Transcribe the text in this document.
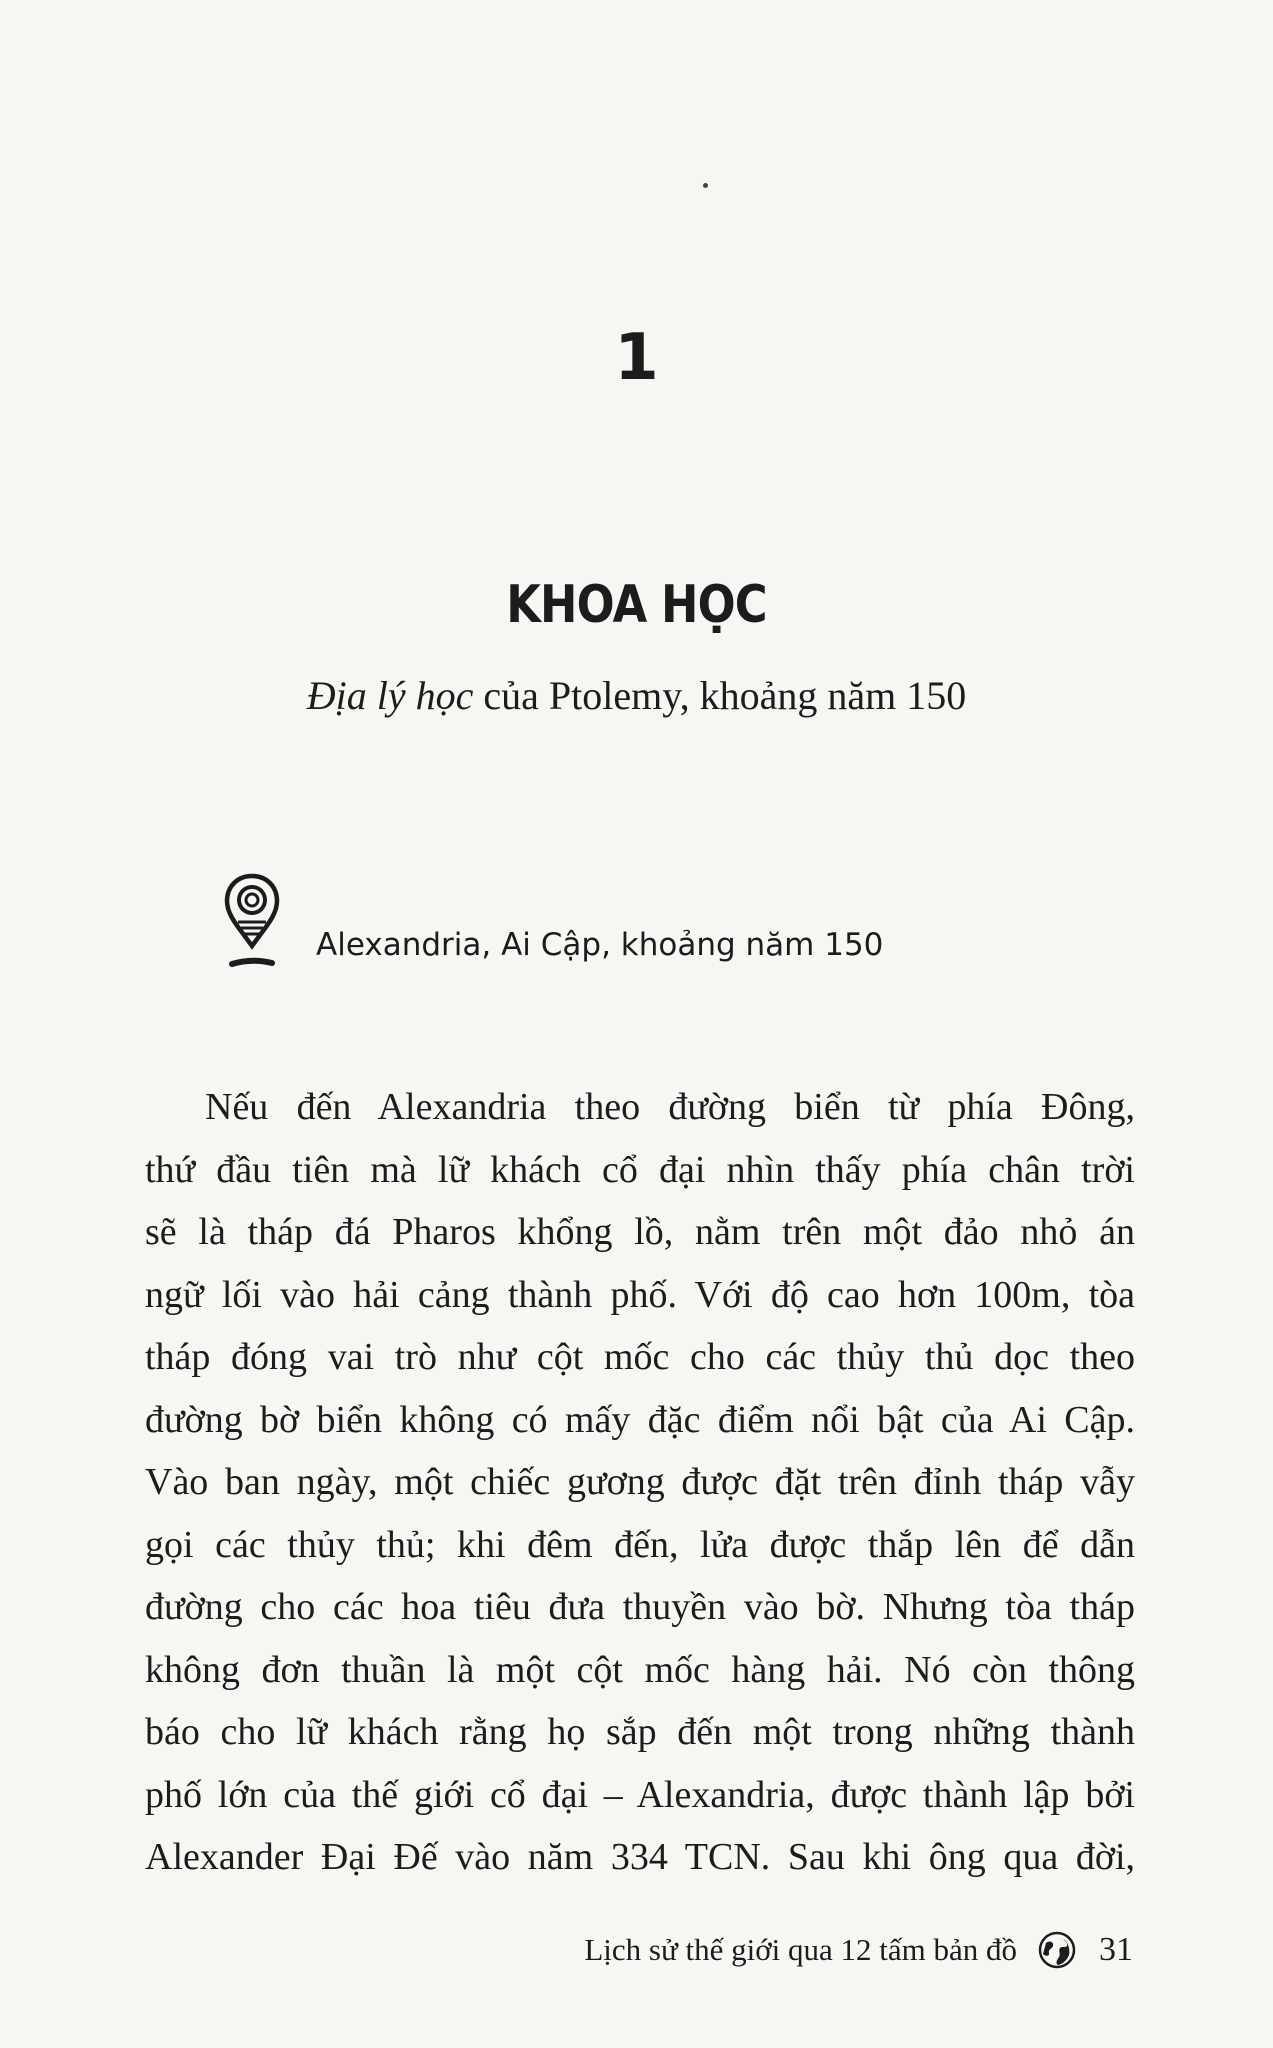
1
KHOA HỌC
Địa lý học của Ptolemy, khoảng năm 150
Alexandria, Ai Cập, khoảng năm 150
Nếu đến Alexandria theo đường biển từ phía Đông,
thứ đầu tiên mà lữ khách cổ đại nhìn thấy phía chân trời
sẽ là tháp đá Pharos khổng lồ, nằm trên một đảo nhỏ án
ngữ lối vào hải cảng thành phố. Với độ cao hơn 100m, tòa
tháp đóng vai trò như cột mốc cho các thủy thủ dọc theo
đường bờ biển không có mấy đặc điểm nổi bật của Ai Cập.
Vào ban ngày, một chiếc gương được đặt trên đỉnh tháp vẫy
gọi các thủy thủ; khi đêm đến, lửa được thắp lên để dẫn
đường cho các hoa tiêu đưa thuyền vào bờ. Nhưng tòa tháp
không đơn thuần là một cột mốc hàng hải. Nó còn thông
báo cho lữ khách rằng họ sắp đến một trong những thành
phố lớn của thế giới cổ đại – Alexandria, được thành lập bởi
Alexander Đại Đế vào năm 334 TCN. Sau khi ông qua đời,
Lịch sử thế giới qua 12 tấm bản đồ 31
